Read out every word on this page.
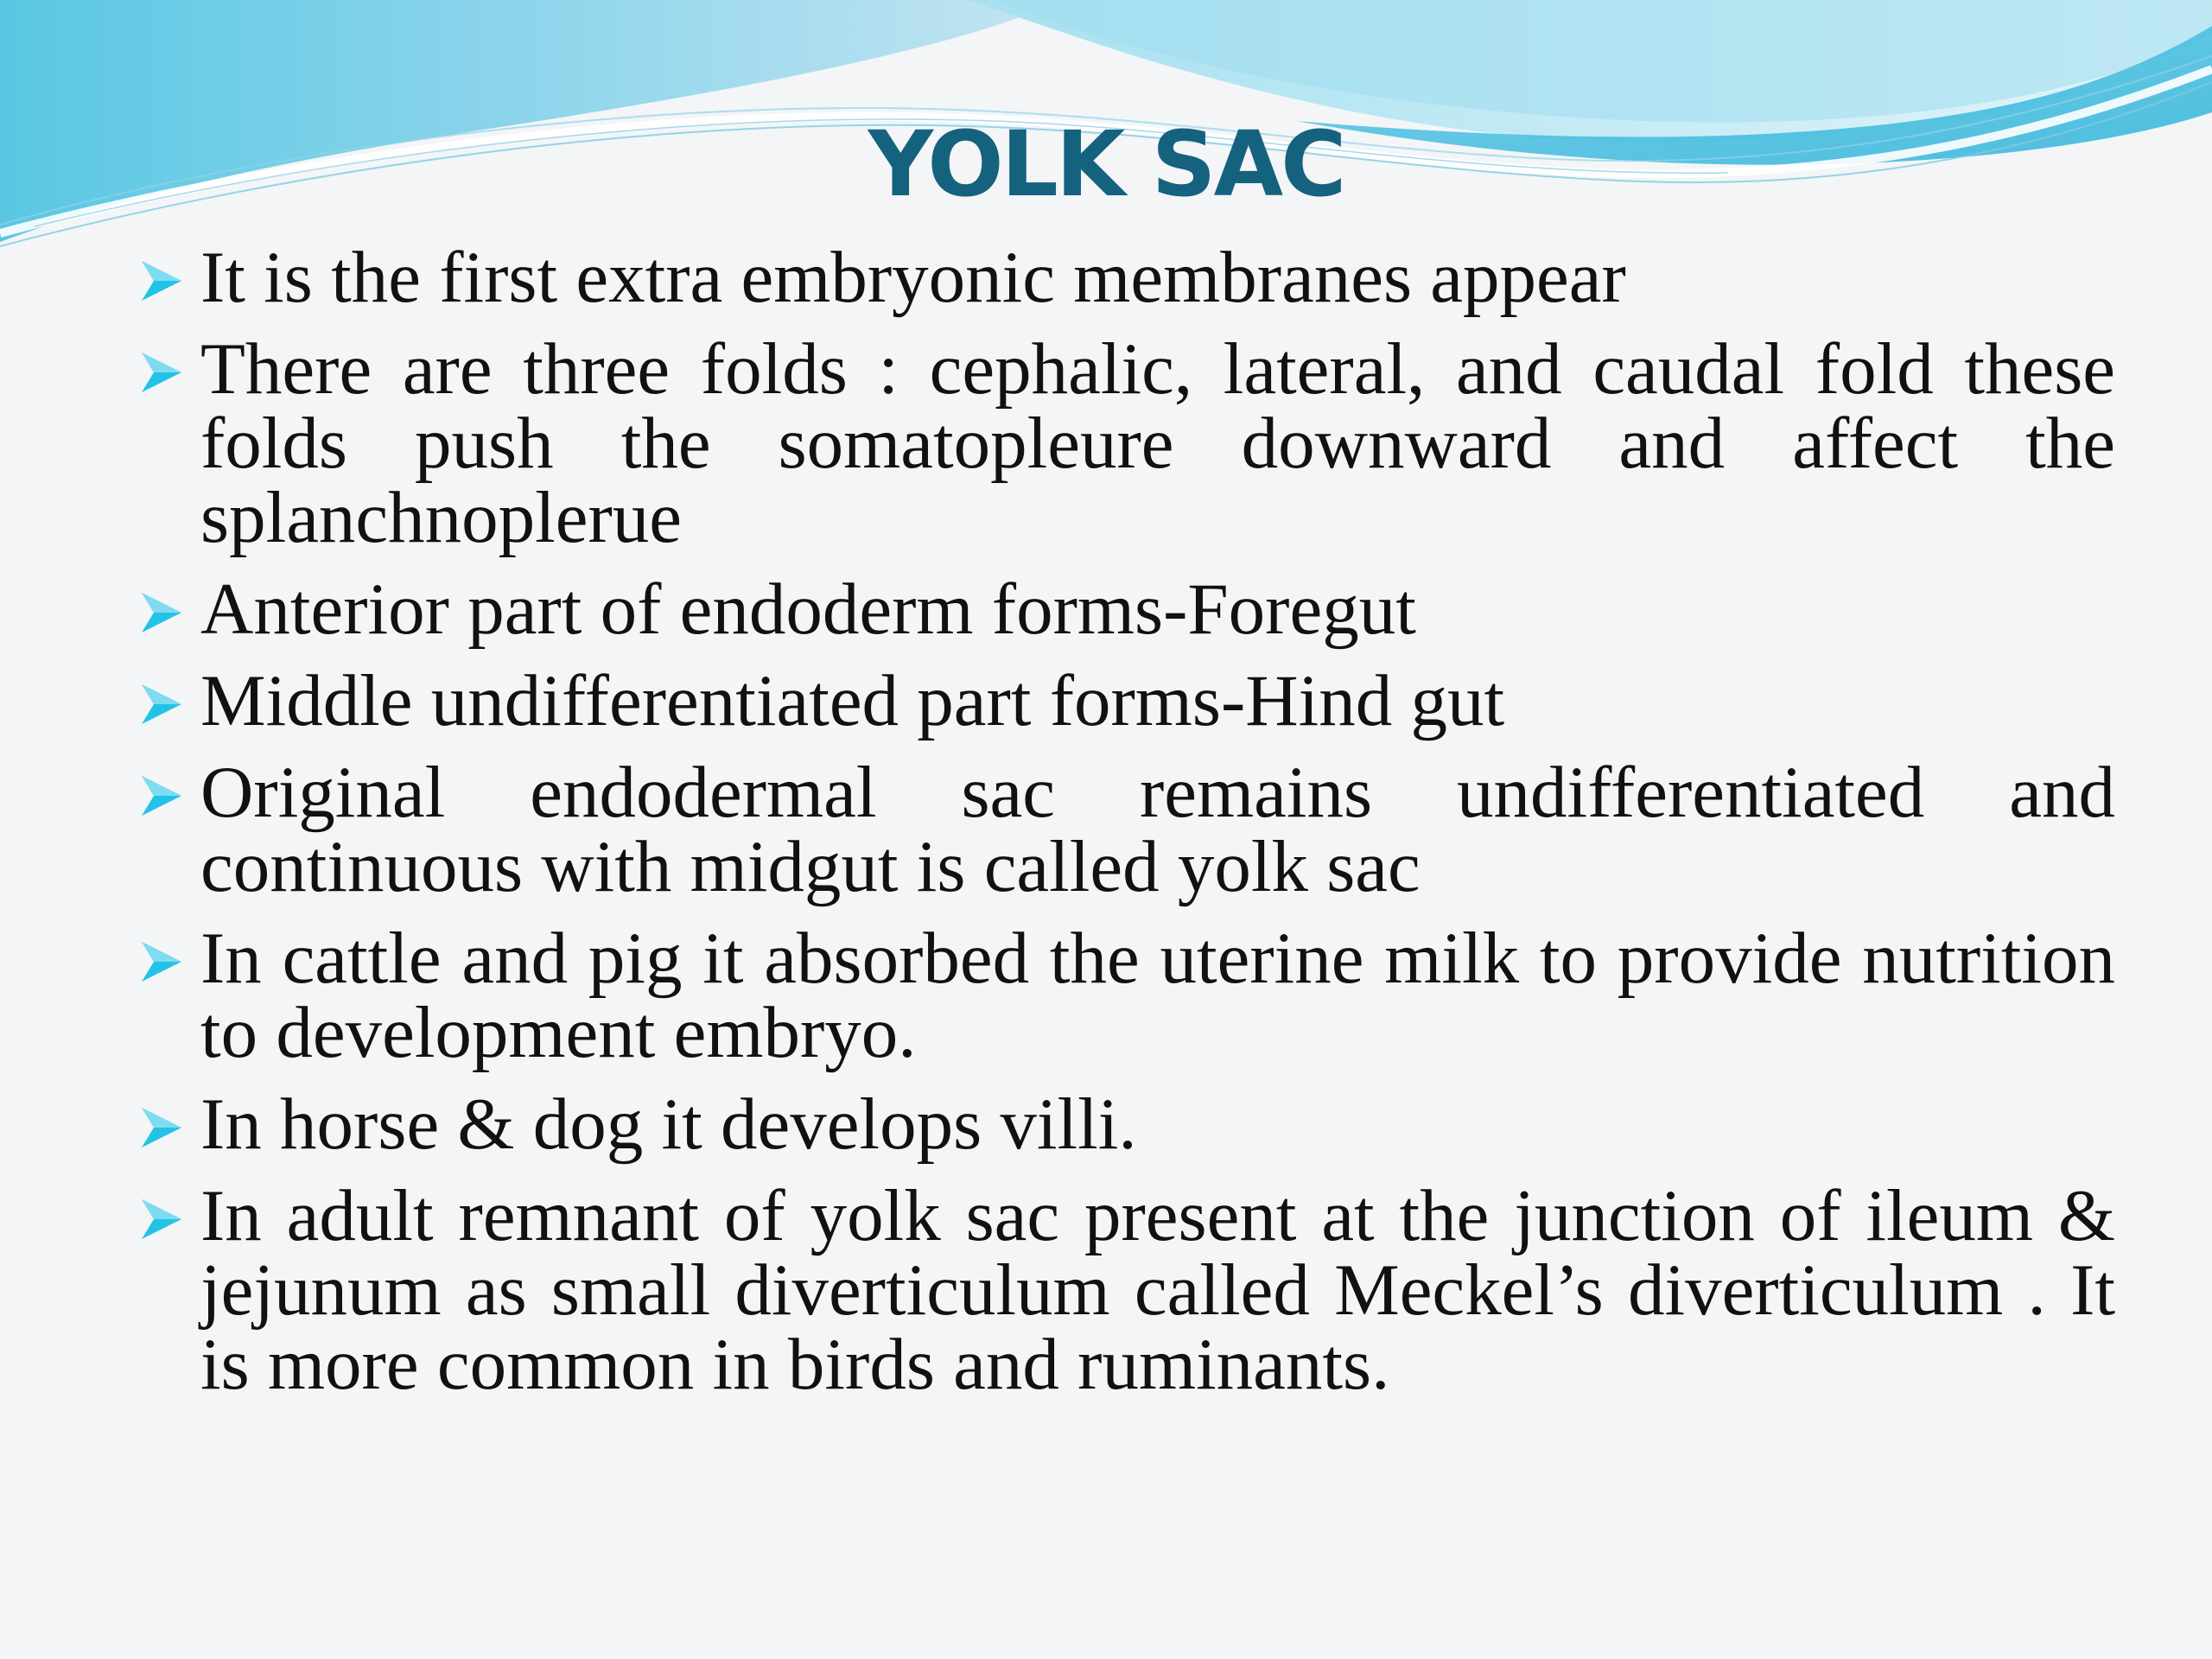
YOLK SAC
It is the first extra embryonic membranes appear
There are three folds : cephalic, lateral, and caudal fold these folds push the somatopleure downward and affect the splanchnoplerue
Anterior part of endoderm forms-Foregut
Middle undifferentiated part forms-Hind gut
Original endodermal sac remains undifferentiated and continuous with midgut is called yolk sac
In cattle and pig it absorbed the uterine milk to provide nutrition to development embryo.
In horse & dog it develops villi.
In adult remnant of yolk sac present at the junction of ileum & jejunum as small diverticulum called Meckel’s diverticulum . It is more common in birds and ruminants.
